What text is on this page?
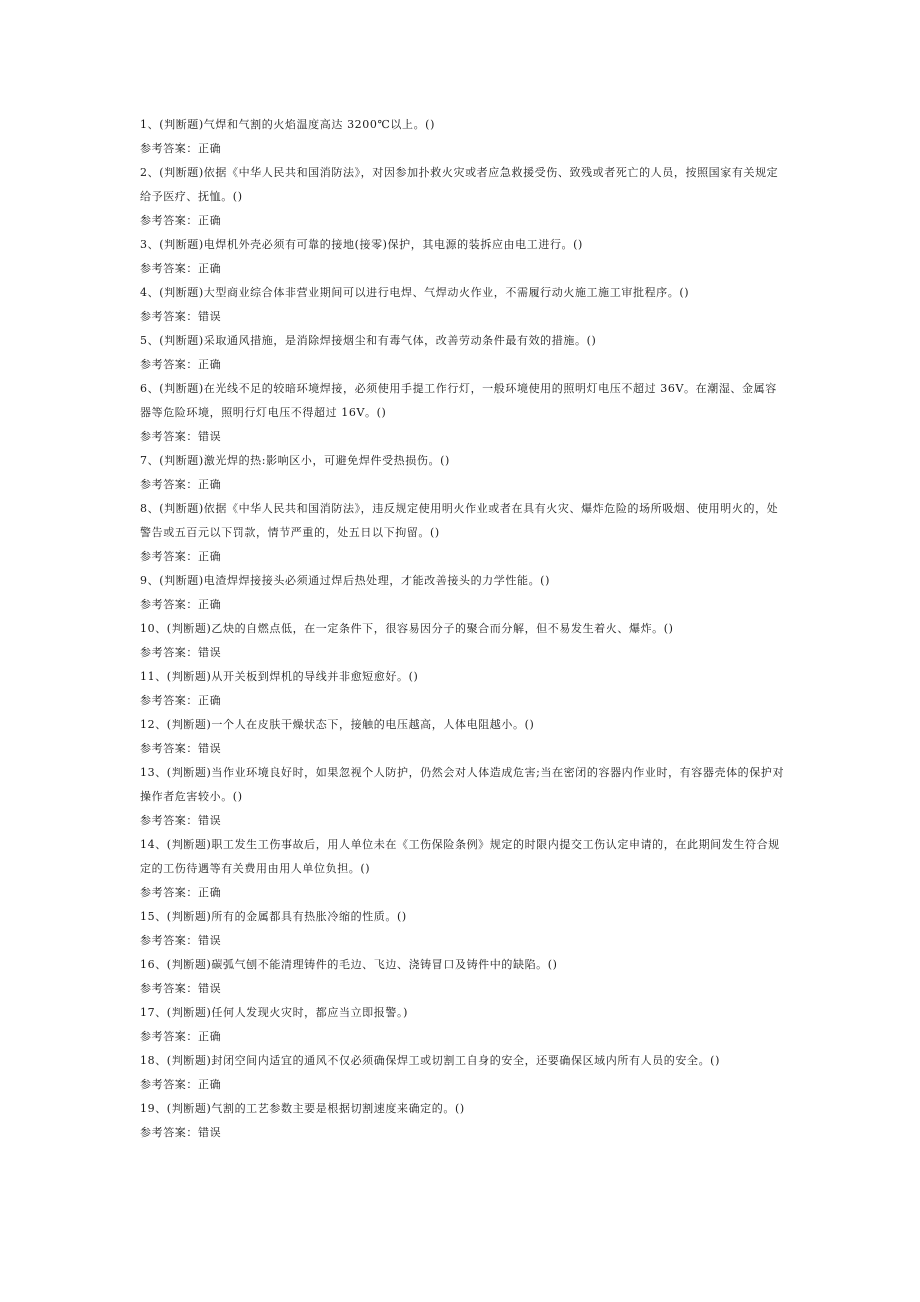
1、(判断题)气焊和气割的火焰温度高达 3200℃以上。()

参考答案：正确

2、(判断题)依据《中华人民共和国消防法》，对因参加扑救火灾或者应急救援受伤、致残或者死亡的人员，按照国家有关规定给予医疗、抚恤。()

参考答案：正确

3、(判断题)电焊机外壳必须有可靠的接地(接零)保护，其电源的装拆应由电工进行。()

参考答案：正确

4、(判断题)大型商业综合体非营业期间可以进行电焊、气焊动火作业，不需履行动火施工施工审批程序。()

参考答案：错误

5、(判断题)采取通风措施，是消除焊接烟尘和有毒气体，改善劳动条件最有效的措施。()

参考答案：正确

6、(判断题)在光线不足的较暗环境焊接，必须使用手提工作行灯，一般环境使用的照明灯电压不超过 36V。在潮湿、金属容器等危险环境，照明行灯电压不得超过 16V。()

参考答案：错误

7、(判断题)激光焊的热:影响区小，可避免焊件受热损伤。()

参考答案：正确

8、(判断题)依据《中华人民共和国消防法》，违反规定使用明火作业或者在具有火灾、爆炸危险的场所吸烟、使用明火的，处警告或五百元以下罚款，情节严重的，处五日以下拘留。()

参考答案：正确

9、(判断题)电渣焊焊接接头必须通过焊后热处理，才能改善接头的力学性能。()

参考答案：正确

10、(判断题)乙炔的自燃点低，在一定条件下，很容易因分子的聚合而分解，但不易发生着火、爆炸。()

参考答案：错误

11、(判断题)从开关板到焊机的导线并非愈短愈好。()

参考答案：正确

12、(判断题)一个人在皮肤干燥状态下，接触的电压越高，人体电阻越小。()

参考答案：错误

13、(判断题)当作业环境良好时，如果忽视个人防护，仍然会对人体造成危害;当在密闭的容器内作业时，有容器壳体的保护对操作者危害较小。()

参考答案：错误

14、(判断题)职工发生工伤事故后，用人单位未在《工伤保险条例》规定的时限内提交工伤认定申请的，在此期间发生符合规定的工伤待遇等有关费用由用人单位负担。()

参考答案：正确

15、(判断题)所有的金属都具有热胀冷缩的性质。()

参考答案：错误

16、(判断题)碳弧气刨不能清理铸件的毛边、飞边、浇铸冒口及铸件中的缺陷。()

参考答案：错误

17、(判断题)任何人发现火灾时，都应当立即报警。)

参考答案：正确

18、(判断题)封闭空间内适宜的通风不仅必须确保焊工或切割工自身的安全，还要确保区域内所有人员的安全。()

参考答案：正确

19、(判断题)气割的工艺参数主要是根据切割速度来确定的。()

参考答案：错误
